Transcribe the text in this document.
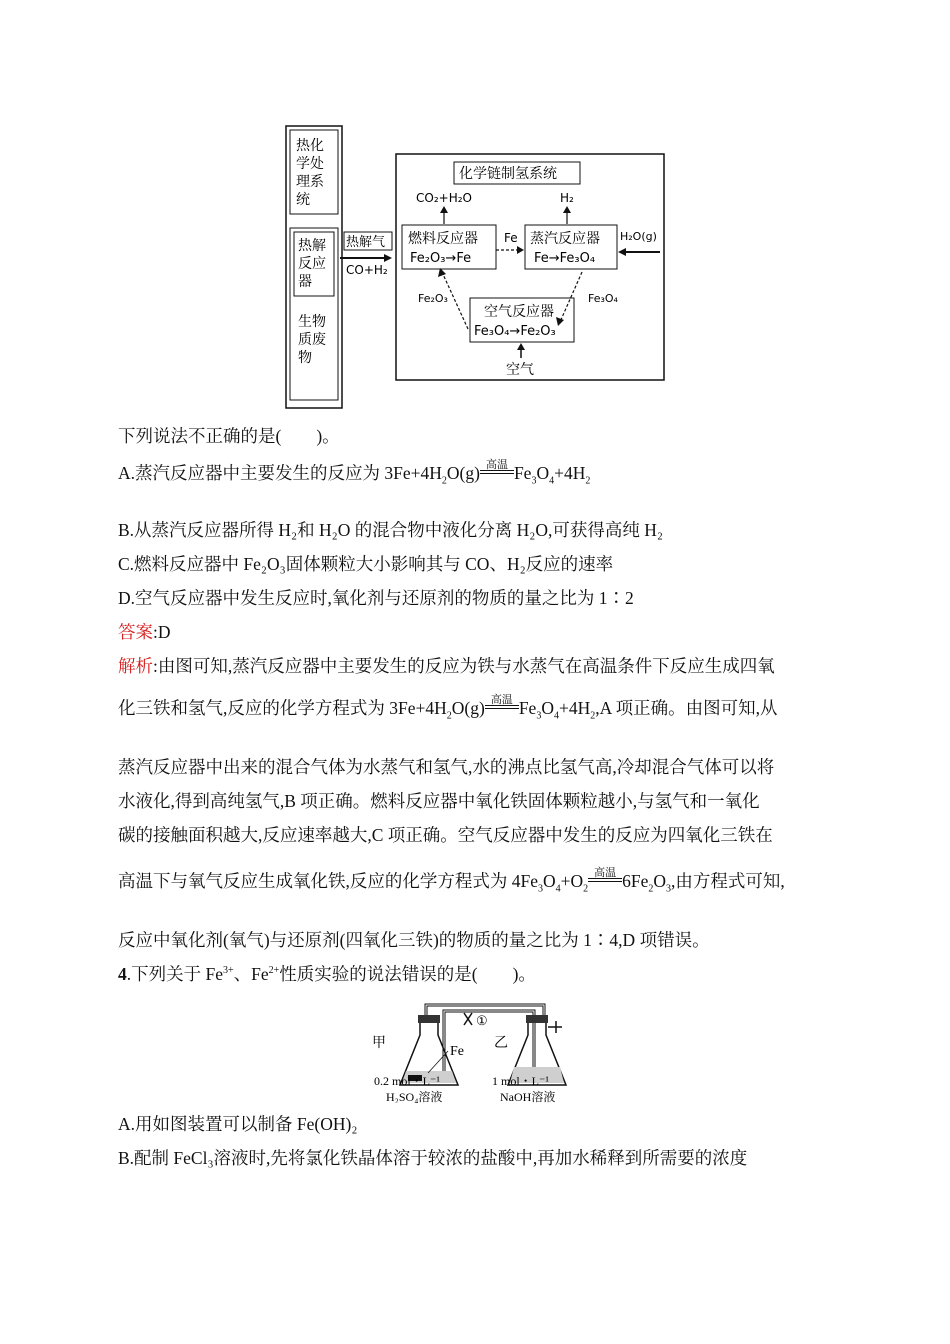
热化
学处
理系
统
热解
反应
器
生物
质废
物
热解气
CO+H₂
化学链制氢系统
CO₂+H₂O
燃料反应器
Fe₂O₃→Fe
Fe
H₂
蒸汽反应器
Fe→Fe₃O₄
H₂O(g)
Fe₂O₃	Fe₃O₄
空气反应器
Fe₃O₄→Fe₂O₃
空气
下列说法不正确的是(　　)。
A.蒸汽反应器中主要发生的反应为 $3Fe+4H_2O(g)$ 高温 $Fe_3O_4+4H_2$
B.从蒸汽反应器所得 H₂和 H₂O 的混合物中液化分离 H₂O,可获得高纯 H₂
C.燃料反应器中 Fe₂O₃固体颗粒大小影响其与 CO、H₂反应的速率
D.空气反应器中发生反应时,氧化剂与还原剂的物质的量之比为 1∶2
答案:D
解析:由图可知,蒸汽反应器中主要发生的反应为铁与水蒸气在高温条件下反应生成四氧
化三铁和氢气,反应的化学方程式为 $3Fe+4H_2O(g)$ 高温 $Fe_3O_4+4H_2,A$ 项正确。由图可知,从
蒸汽反应器中出来的混合气体为水蒸气和氢气,水的沸点比氢气高,冷却混合气体可以将
水液化,得到高纯氢气,B 项正确。燃料反应器中氧化铁固体颗粒越小,与氢气和一氧化
碳的接触面积越大,反应速率越大,C 项正确。空气反应器中发生的反应为四氧化三铁在
高温下与氧气反应生成氧化铁,反应的化学方程式为 $4Fe_3O_4+O_2$
高温 $6Fe_2O_3$,由方程式可知,
反应中氧化剂(氧气)与还原剂(四氧化三铁)的物质的量之比为 1∶4,D 项错误。
4.下列关于 $Fe^{3+}$、$Fe^{2+}$性质实验的说法错误的是(　　)。
①
甲
Fe
乙
0.2 mol・L⁻¹
H₂SO₄溶液
1 mol・L⁻¹
NaOH溶液
A.用如图装置可以制备 Fe(OH)₂
B.配制 FeCl₃溶液时,先将氯化铁晶体溶于较浓的盐酸中,再加水稀释到所需要的浓度
